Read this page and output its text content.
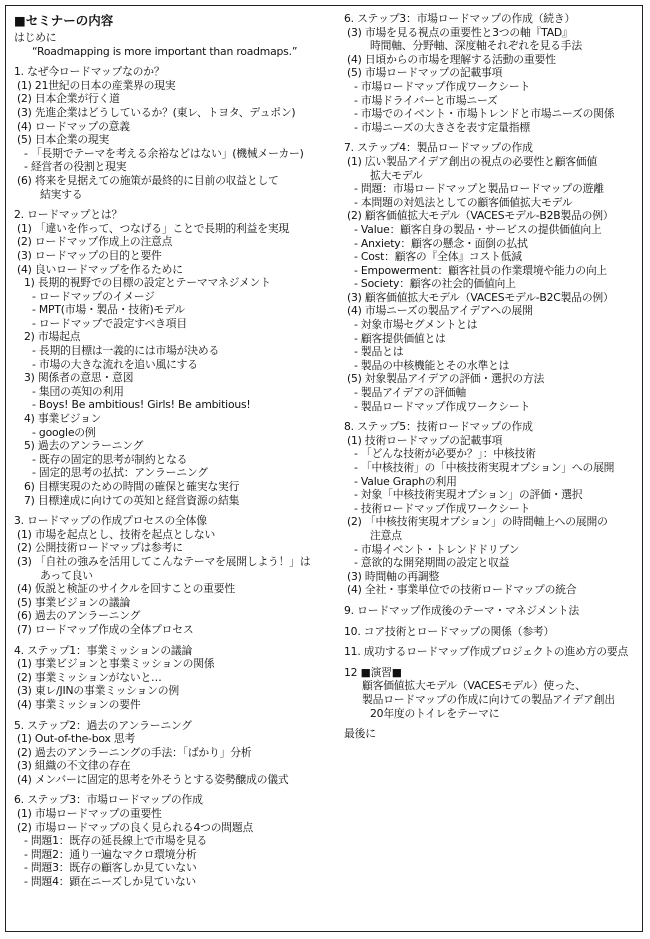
■セミナーの内容
はじめに
“Roadmapping is more important than roadmaps.”
1. なぜ今ロードマップなのか？
(1) 21世紀の日本の産業界の現実
(2) 日本企業が行く道
(3) 先進企業はどうしているか？(東レ、トヨタ、デュポン)
(4) ロードマップの意義
(5) 日本企業の現実
- 「長期でテーマを考える余裕などはない」(機械メーカー)
- 経営者の役割と現実
(6) 将来を見据えての施策が最終的に目前の収益として
結実する
2. ロードマップとは？
(1) 「違いを作って、つなげる」ことで長期的利益を実現
(2) ロードマップ作成上の注意点
(3) ロードマップの目的と要件
(4) 良いロードマップを作るために
1) 長期的視野での目標の設定とテーママネジメント
- ロードマップのイメージ
- MPT(市場・製品・技術)モデル
- ロードマップで設定すべき項目
2) 市場起点
- 長期的目標は一義的には市場が決める
- 市場の大きな流れを追い風にする
3) 関係者の意思・意図
- 集団の英知の利用
- Boys! Be ambitious! Girls! Be ambitious!
4) 事業ビジョン
- googleの例
5) 過去のアンラーニング
- 既存の固定的思考が制約となる
- 固定的思考の払拭：アンラーニング
6) 目標実現のための時間の確保と確実な実行
7) 目標達成に向けての英知と経営資源の結集
3. ロードマップの作成プロセスの全体像
(1) 市場を起点とし、技術を起点としない
(2) 公開技術ロードマップは参考に
(3) 「自社の強みを活用してこんなテーマを展開しよう！」は
あって良い
(4) 仮説と検証のサイクルを回すことの重要性
(5) 事業ビジョンの議論
(6) 過去のアンラーニング
(7) ロードマップ作成の全体プロセス
4. ステップ1：事業ミッションの議論
(1) 事業ビジョンと事業ミッションの関係
(2) 事業ミッションがないと…
(3) 東レ/JINの事業ミッションの例
(4) 事業ミッションの要件
5. ステップ2：過去のアンラーニング
(1) Out-of-the-box 思考
(2) 過去のアンラーニングの手法：「ばかり」分析
(3) 組織の不文律の存在
(4) メンバーに固定的思考を外そうとする姿勢醸成の儀式
6. ステップ3：市場ロードマップの作成
(1) 市場ロードマップの重要性
(2) 市場ロードマップの良く見られる4つの問題点
- 問題1：既存の延長線上で市場を見る
- 問題2：通り一遍なマクロ環境分析
- 問題3：既存の顧客しか見ていない
- 問題4：顕在ニーズしか見ていない
6. ステップ3：市場ロードマップの作成（続き）
(3) 市場を見る視点の重要性と3つの軸『TAD』
時間軸、分野軸、深度軸それぞれを見る手法
(4) 日頃からの市場を理解する活動の重要性
(5) 市場ロードマップの記載事項
- 市場ロードマップ作成ワークシート
- 市場ドライバーと市場ニーズ
- 市場でのイベント・市場トレンドと市場ニーズの関係
- 市場ニーズの大きさを表す定量指標
7. ステップ4：製品ロードマップの作成
(1) 広い製品アイデア創出の視点の必要性と顧客価値
拡大モデル
- 問題：市場ロードマップと製品ロードマップの遊離
- 本問題の対処法としての顧客価値拡大モデル
(2) 顧客価値拡大モデル（VACESモデル-B2B製品の例）
- Value：顧客自身の製品・サービスの提供価値向上
- Anxiety：顧客の懸念・面倒の払拭
- Cost：顧客の『全体』コスト低減
- Empowerment：顧客社員の作業環境や能力の向上
- Society：顧客の社会的価値向上
(3) 顧客価値拡大モデル（VACESモデル-B2C製品の例）
(4) 市場ニーズの製品アイデアへの展開
- 対象市場セグメントとは
- 顧客提供価値とは
- 製品とは
- 製品の中核機能とその水準とは
(5) 対象製品アイデアの評価・選択の方法
- 製品アイデアの評価軸
- 製品ロードマップ作成ワークシート
8. ステップ5：技術ロードマップの作成
(1) 技術ロードマップの記載事項
- 「どんな技術が必要か？」：中核技術
- 「中核技術」の「中核技術実現オプション」への展開
- Value Graphの利用
- 対象「中核技術実現オプション」の評価・選択
- 技術ロードマップ作成ワークシート
(2) 「中核技術実現オプション」の時間軸上への展開の
注意点
- 市場イベント・トレンドドリブン
- 意欲的な開発期間の設定と収益
(3) 時間軸の再調整
(4) 全社・事業単位での技術ロードマップの統合
9. ロードマップ作成後のテーマ・マネジメント法
10. コア技術とロードマップの関係（参考）
11. 成功するロードマップ作成プロジェクトの進め方の要点
12 ■演習■
顧客価値拡大モデル（VACESモデル）使った、
製品ロードマップの作成に向けての製品アイデア創出
20年度のトイレをテーマに
最後に
